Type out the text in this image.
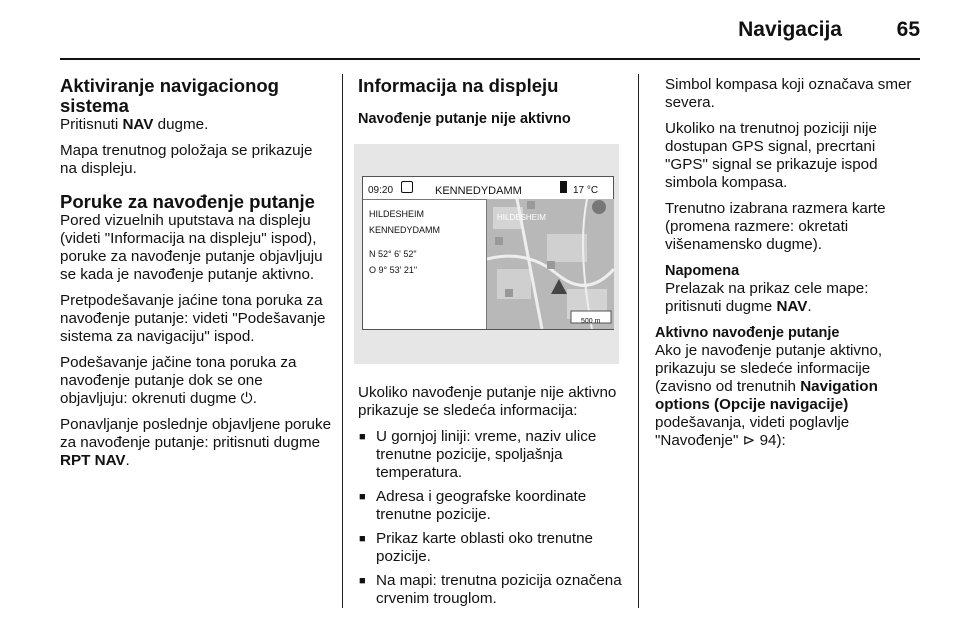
Navigacija	65
Aktiviranje navigacionog sistema

Pritisnuti NAV dugme.

Mapa trenutnog položaja se prikazuje na displeju.

Poruke za navođenje putanje

Pored vizuelnih uputstava na displeju (videti "Informacija na displeju" ispod), poruke za navođenje putanje objavljuju se kada je navođenje putanje aktivno.

Pretpodešavanje jaćine tona poruka za navođenje putanje: videti "Podešavanje sistema za navigaciju" ispod.

Podešavanje jačine tona poruka za navođenje putanje dok se one objavljuju: okrenuti dugme ⏻.

Ponavljanje poslednje objavljene poruke za navođenje putanje: pritisnuti dugme RPT NAV.

Informacija na displeju
Navođenje putanje nije aktivno
09:20	KENNEDYDAMM	17 °C
HILDESHEIM
KENNEDYDAMM
N 52° 6' 52"
O 9° 53' 21"
HILDESHEIM
500 m

Ukoliko navođenje putanje nije aktivno prikazuje se sledeća informacija:

■ U gornjoj liniji: vreme, naziv ulice trenutne pozicije, spoljašnja temperatura.
■ Adresa i geografske koordinate trenutne pozicije.
■ Prikaz karte oblasti oko trenutne pozicije.
■ Na mapi: trenutna pozicija označena crvenim trouglom.

Simbol kompasa koji označava smer severa.

Ukoliko na trenutnoj poziciji nije dostupan GPS signal, precrtani "GPS" signal se prikazuje ispod simbola kompasa.

Trenutno izabrana razmera karte (promena razmere: okretati višenamensko dugme).

Napomena
Prelazak na prikaz cele mape: pritisnuti dugme NAV.
Aktivno navođenje putanje

Ako je navođenje putanje aktivno, prikazuju se sledeće informacije (zavisno od trenutnih Navigation options (Opcije navigacije) podešavanja, videti poglavlje "Navođenje" ⊳ 94):
